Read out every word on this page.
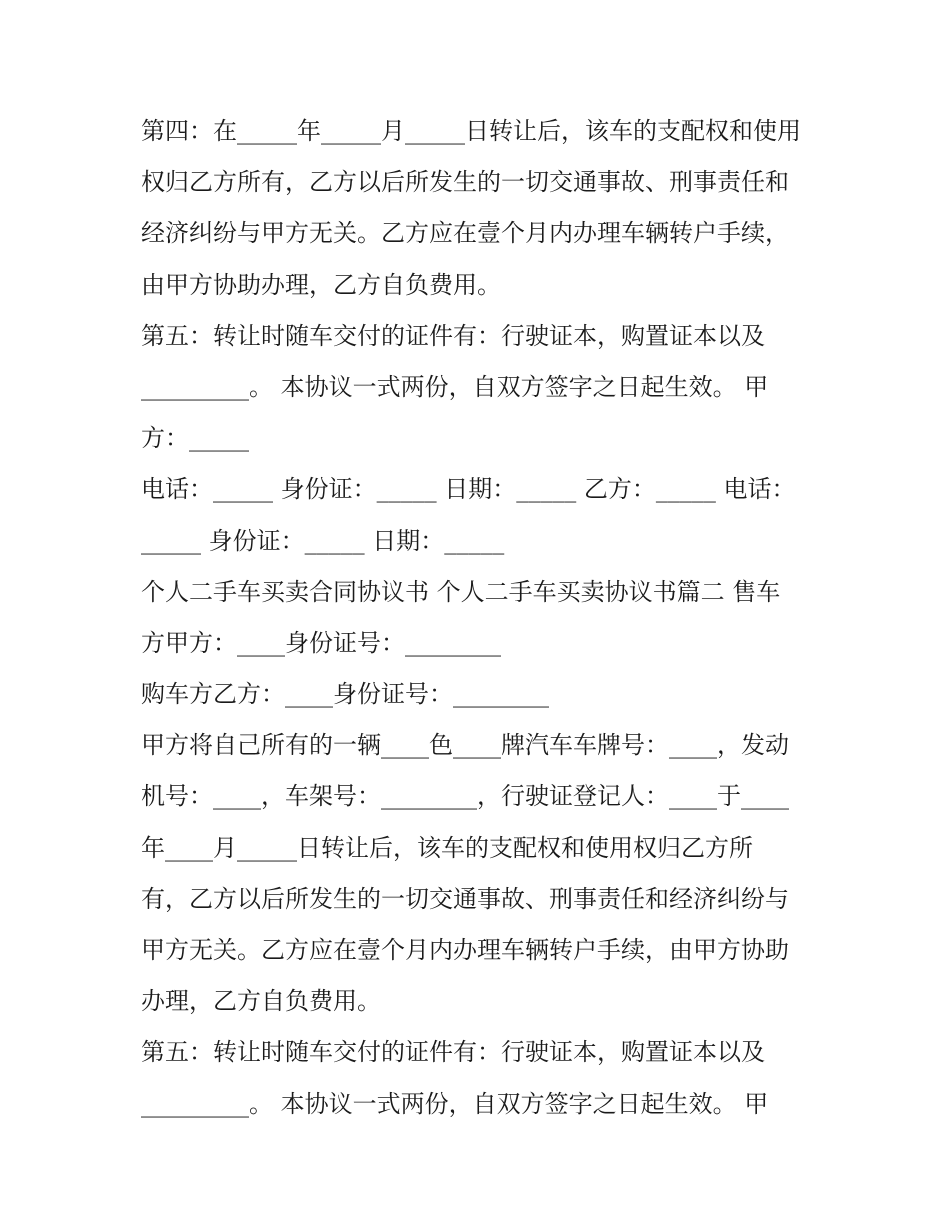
第四：在_____年_____月_____日转让后，该车的支配权和使用
权归乙方所有，乙方以后所发生的一切交通事故、刑事责任和
经济纠纷与甲方无关。乙方应在壹个月内办理车辆转户手续，
由甲方协助办理，乙方自负费用。
第五：转让时随车交付的证件有：行驶证本，购置证本以及
_________。 本协议一式两份，自双方签字之日起生效。 甲
方：_____
电话：_____ 身份证：_____ 日期：_____ 乙方：_____ 电话：
_____ 身份证：_____ 日期：_____
个人二手车买卖合同协议书 个人二手车买卖协议书篇二 售车
方甲方：____身份证号：________
购车方乙方：____身份证号：________
甲方将自己所有的一辆____色____牌汽车车牌号：____，发动
机号：____，车架号：________，行驶证登记人：____于____
年____月_____日转让后，该车的支配权和使用权归乙方所
有，乙方以后所发生的一切交通事故、刑事责任和经济纠纷与
甲方无关。乙方应在壹个月内办理车辆转户手续，由甲方协助
办理，乙方自负费用。
第五：转让时随车交付的证件有：行驶证本，购置证本以及
_________。 本协议一式两份，自双方签字之日起生效。 甲
